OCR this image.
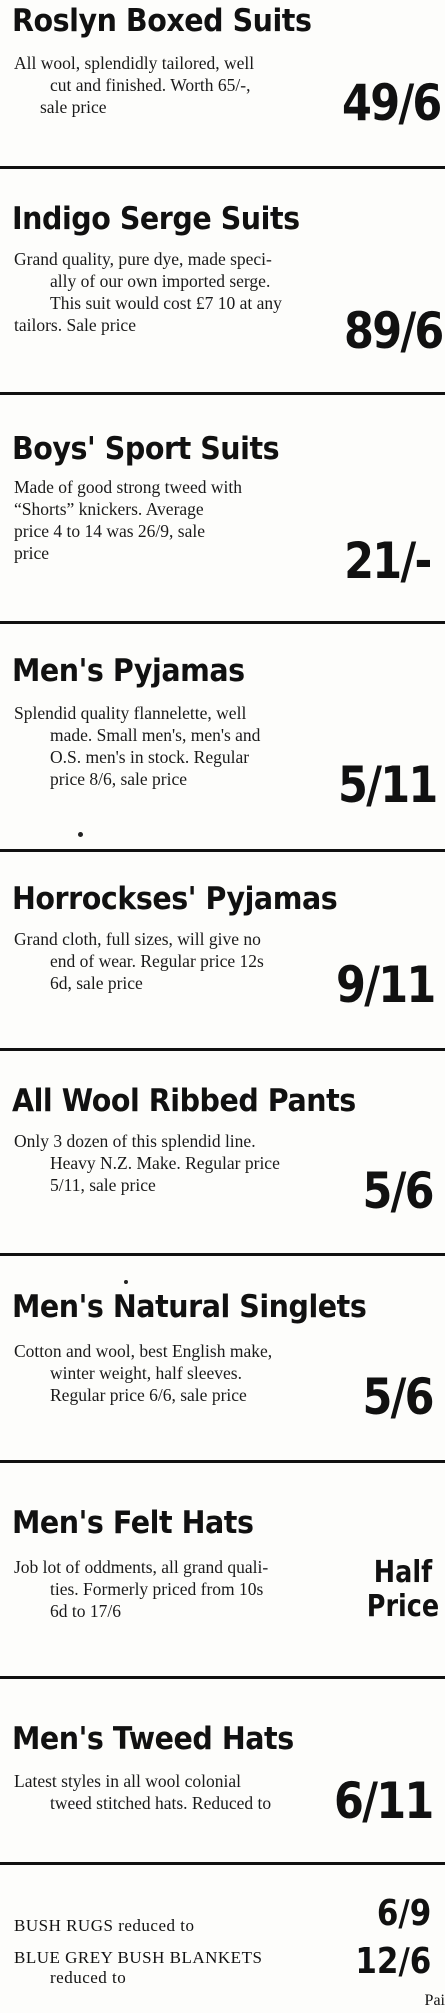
Roslyn Boxed Suits
All wool, splendidly tailored, well
cut and finished. Worth 65/-,
sale price	49/6
Indigo Serge Suits
Grand quality, pure dye, made speci-
ally of our own imported serge.
This suit would cost £7 10 at any
tailors. Sale price	89/6
Boys' Sport Suits
Made of good strong tweed with
“Shorts” knickers. Average
price 4 to 14 was 26/9, sale
price	21/-
Men's Pyjamas
Splendid quality flannelette, well
made. Small men's, men's and
O.S. men's in stock. Regular
price 8/6, sale price	5/11
Horrockses' Pyjamas
Grand cloth, full sizes, will give no
end of wear. Regular price 12s
6d, sale price	9/11
All Wool Ribbed Pants
Only 3 dozen of this splendid line.
Heavy N.Z. Make. Regular price
5/11, sale price	5/6
Men's Natural Singlets
Cotton and wool, best English make,
winter weight, half sleeves.
Regular price 6/6, sale price	5/6
Men's Felt Hats
Job lot of oddments, all grand quali-
ties. Formerly priced from 10s
6d to 17/6
Half
Price
Men's Tweed Hats
Latest styles in all wool colonial
tweed stitched hats. Reduced to 6/11
BUSH RUGS reduced to	6/9
BLUE GREY BUSH BLANKETS
reduced to	12/6
Pai
